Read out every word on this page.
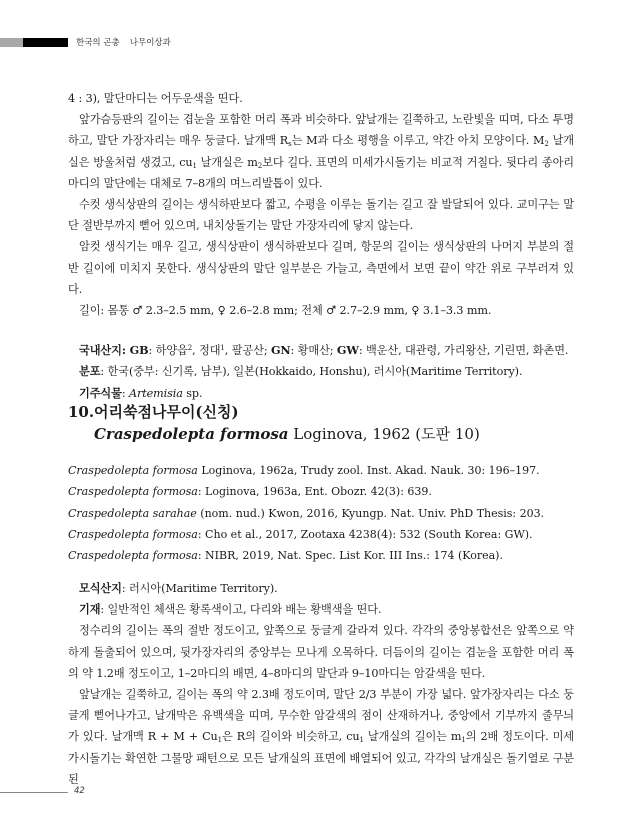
한국의 곤충 나무이상과

4 : 3), 말단마디는 어두운색을 띤다.

앞가슴등판의 길이는 겹눈을 포함한 머리 폭과 비슷하다. 앞날개는 길쭉하고, 노란빛을 띠며, 다소 투명하고, 말단 가장자리는 매우 둥글다. 날개맥 $R_s$는 M과 다소 평행을 이루고, 약간 아치 모양이다. $M_2$ 날개실은 방울처럼 생겼고, $cu_1$ 날개실은 $m_2$보다 길다. 표면의 미세가시돌기는 비교적 거칠다. 뒷다리 종아리마디의 말단에는 대체로 7–8개의 며느리발톱이 있다.

수컷 생식상판의 길이는 생식하판보다 짧고, 수평을 이루는 돌기는 길고 잘 발달되어 있다. 교미구는 말단 절반부까지 뻗어 있으며, 내치상돌기는 말단 가장자리에 닿지 않는다.

암컷 생식기는 매우 길고, 생식상판이 생식하판보다 길며, 항문의 길이는 생식상판의 나머지 부분의 절반 길이에 미치지 못한다. 생식상판의 말단 일부분은 가늘고, 측면에서 보면 끝이 약간 위로 구부러져 있다.

길이: 몸통 ♂ 2.3–2.5 mm, ♀ 2.6–2.8 mm; 전체 ♂ 2.7–2.9 mm, ♀ 3.1–3.3 mm.

국내산지: GB: 하양읍$^2$, 정대$^1$, 팔공산; GN: 황매산; GW: 백운산, 대관령, 가리왕산, 기린면, 화촌면.

분포: 한국(중부: 신기록, 남부), 일본(Hokkaido, Honshu), 러시아(Maritime Territory).

기주식물: Artemisia sp.

10.어리쑥점나무이(신칭)
Craspedolepta formosa Loginova, 1962 (도판 10)
Craspedolepta formosa Loginova, 1962a, Trudy zool. Inst. Akad. Nauk. 30: 196–197.
Craspedolepta formosa: Loginova, 1963a, Ent. Obozr. 42(3): 639.
Craspedolepta sarahae (nom. nud.) Kwon, 2016, Kyungp. Nat. Univ. PhD Thesis: 203.
Craspedolepta formosa: Cho et al., 2017, Zootaxa 4238(4): 532 (South Korea: GW).
Craspedolepta formosa: NIBR, 2019, Nat. Spec. List Kor. III Ins.: 174 (Korea).

모식산지: 러시아(Maritime Territory).

기재: 일반적인 체색은 황록색이고, 다리와 배는 황백색을 띤다.

정수리의 길이는 폭의 절반 정도이고, 앞쪽으로 둥글게 갈라져 있다. 각각의 중앙봉합선은 앞쪽으로 약하게 돌출되어 있으며, 뒷가장자리의 중앙부는 모나게 오목하다. 더듬이의 길이는 겹눈을 포함한 머리 폭의 약 1.2배 정도이고, 1–2마디의 배면, 4–8마디의 말단과 9–10마디는 암갈색을 띤다.

앞날개는 길쭉하고, 길이는 폭의 약 2.3배 정도이며, 말단 2/3 부분이 가장 넓다. 앞가장자리는 다소 둥글게 뻗어나가고, 날개막은 유백색을 띠며, 무수한 암갈색의 점이 산재하거나, 중앙에서 기부까지 줄무늬가 있다. 날개맥 $R + M + Cu_1$은 R의 길이와 비슷하고, $cu_1$ 날개실의 길이는 $m_1$의 2배 정도이다. 미세가시돌기는 확연한 그물망 패턴으로 모든 날개실의 표면에 배열되어 있고, 각각의 날개실은 돌기열로 구분된

42
